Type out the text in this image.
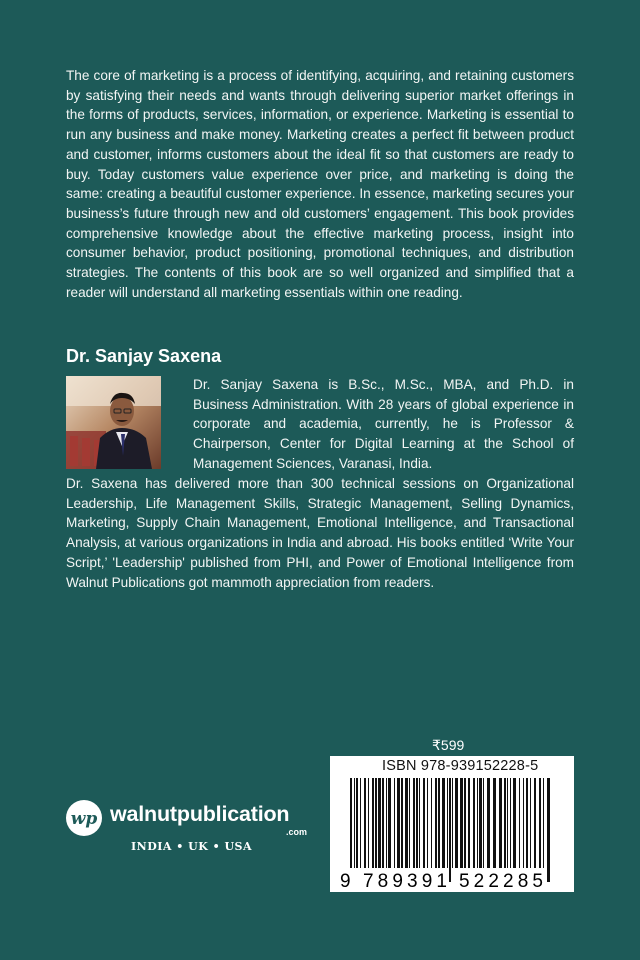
The core of marketing is a process of identifying, acquiring, and retaining customers by satisfying their needs and wants through delivering superior market offerings in the forms of products, services, information, or experience. Marketing is essential to run any business and make money. Marketing creates a perfect fit between product and customer, informs customers about the ideal fit so that customers are ready to buy. Today customers value experience over price, and marketing is doing the same: creating a beautiful customer experience. In essence, marketing secures your business’s future through new and old customers’ engagement. This book provides comprehensive knowledge about the effective marketing process, insight into consumer behavior, product positioning, promotional techniques, and distribution strategies. The contents of this book are so well organized and simplified that a reader will understand all marketing essentials within one reading.
Dr. Sanjay Saxena
Dr. Sanjay Saxena is B.Sc., M.Sc., MBA, and Ph.D. in Business Administration. With 28 years of global experience in corporate and academia, currently, he is Professor & Chairperson, Center for Digital Learning at the School of Management Sciences, Varanasi, India.
Dr. Saxena has delivered more than 300 technical sessions on Organizational Leadership, Life Management Skills, Strategic Management, Selling Dynamics, Marketing, Supply Chain Management, Emotional Intelligence, and Transactional Analysis, at various organizations in India and abroad. His books entitled ‘Write Your Script,’ 'Leadership' published from PHI, and Power of Emotional Intelligence from Walnut Publications got mammoth appreciation from readers.
₹599
9 789391 522285
ISBN 978-939152228-5
wp walnutpublication
.com
INDIA • UK • USA
